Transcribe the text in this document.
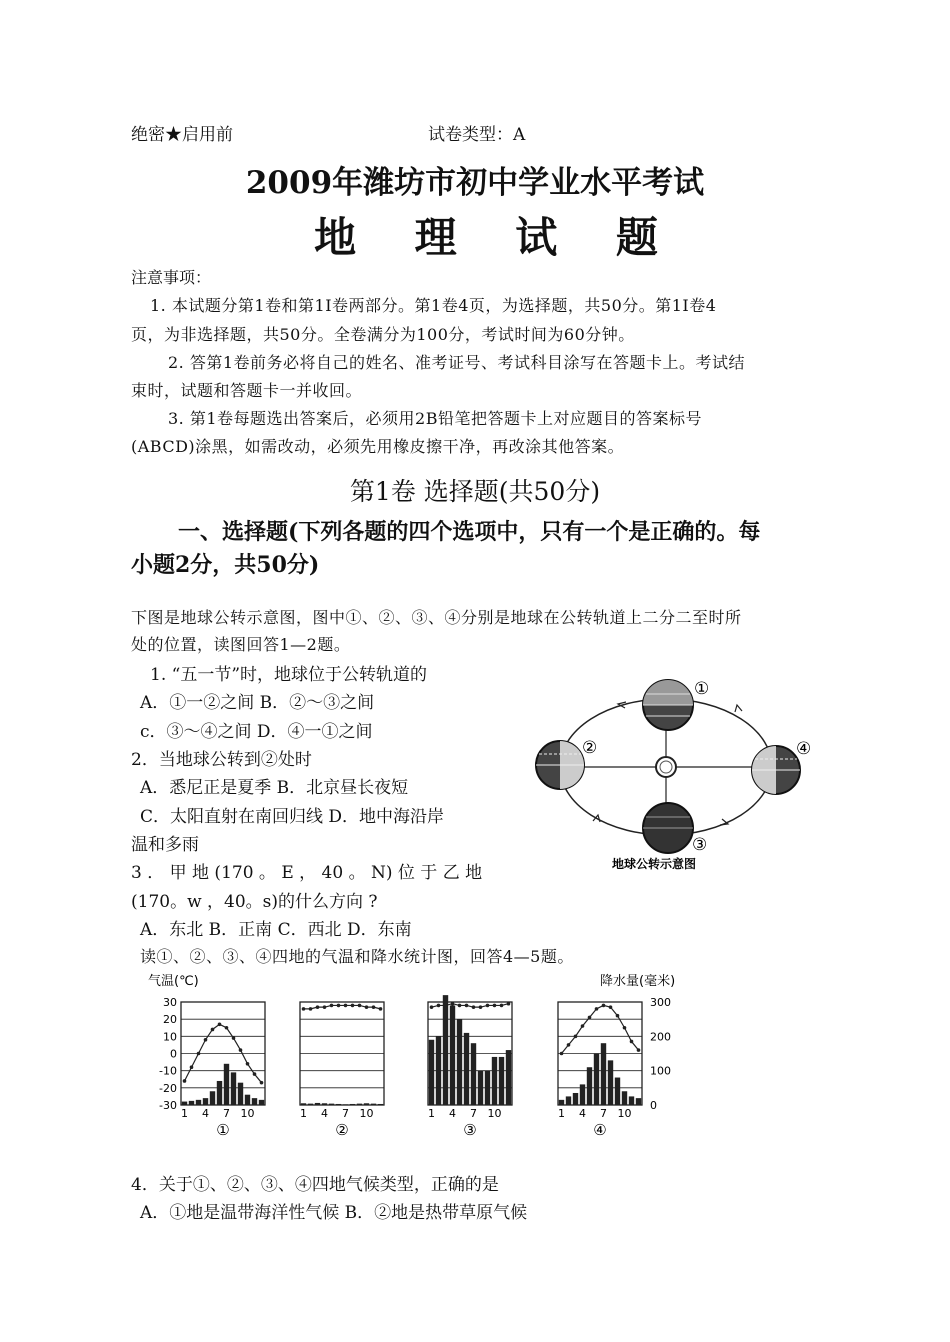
绝密★启用前	试卷类型：A
2009年潍坊市初中学业水平考试
地 理 试 题
注意事项：
1. 本试题分第1卷和第1I卷两部分。第1卷4页，为选择题，共50分。第1I卷4
页，为非选择题，共50分。全卷满分为100分，考试时间为60分钟。
2. 答第1卷前务必将自己的姓名、准考证号、考试科目涂写在答题卡上。考试结
束时，试题和答题卡一并收回。
3. 第1卷每题选出答案后，必须用2B铅笔把答题卡上对应题目的答案标号
(ABCD)涂黑，如需改动，必须先用橡皮擦干净，再改涂其他答案。
第1卷 选择题(共50分)
一、选择题(下列各题的四个选项中，只有一个是正确的。每
小题2分，共50分)
下图是地球公转示意图，图中①、②、③、④分别是地球在公转轨道上二分二至时所
处的位置，读图回答1—2题。
1. “五一节”时，地球位于公转轨道的
A．①一②之间 B．②～③之间
c．③～④之间 D．④一①之间
2．当地球公转到②处时
A．悉尼正是夏季 B．北京昼长夜短
C．太阳直射在南回归线 D．地中海沿岸
温和多雨
3 ． 甲 地 (170 。 E ， 40 。 N) 位 于 乙 地
(170。w ，40。s)的什么方向 ?
A．东北 B．正南 C．西北 D．东南
读①、②、③、④四地的气温和降水统计图，回答4—5题。
①
②
③
④
地球公转示意图
气温(℃)	降水量(毫米)
30
20
10
0
-10
-20
-30
300
200
100
0
1 4 7 10
①
1 4 7 10
②
1 4 7 10
③
1 4 7 10
④
4．关于①、②、③、④四地气候类型，正确的是
A．①地是温带海洋性气候 B．②地是热带草原气候
